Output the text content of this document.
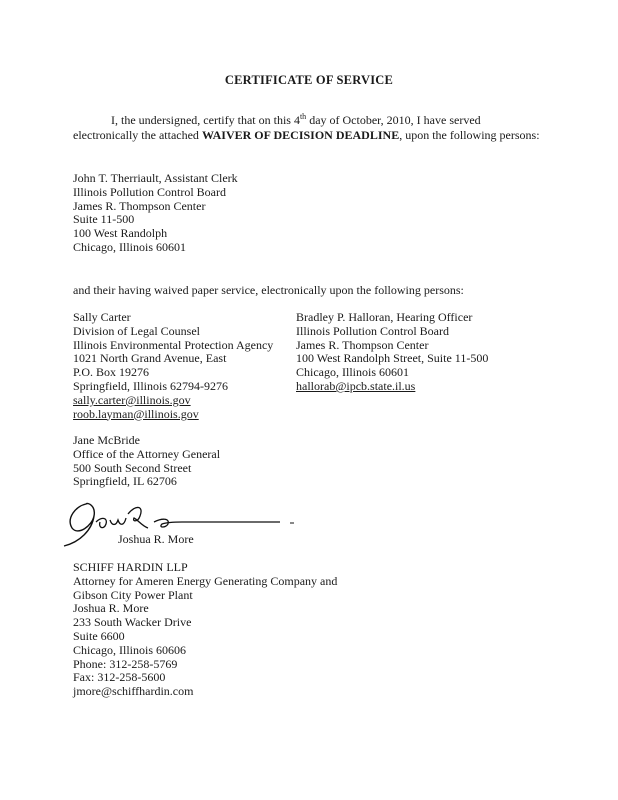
CERTIFICATE OF SERVICE
I, the undersigned, certify that on this 4th day of October, 2010, I have served electronically the attached WAIVER OF DECISION DEADLINE, upon the following persons:
John T. Therriault, Assistant Clerk
Illinois Pollution Control Board
James R. Thompson Center
Suite 11-500
100 West Randolph
Chicago, Illinois 60601
and their having waived paper service, electronically upon the following persons:
Sally Carter
Division of Legal Counsel
Illinois Environmental Protection Agency
1021 North Grand Avenue, East
P.O. Box 19276
Springfield, Illinois 62794-9276
sally.carter@illinois.gov
roob.layman@illinois.gov
Bradley P. Halloran, Hearing Officer
Illinois Pollution Control Board
James R. Thompson Center
100 West Randolph Street, Suite 11-500
Chicago, Illinois 60601
hallorab@ipcb.state.il.us
Jane McBride
Office of the Attorney General
500 South Second Street
Springfield, IL 62706
Joshua R. More
SCHIFF HARDIN LLP
Attorney for Ameren Energy Generating Company and
Gibson City Power Plant
Joshua R. More
233 South Wacker Drive
Suite 6600
Chicago, Illinois 60606
Phone: 312-258-5769
Fax: 312-258-5600
jmore@schiffhardin.com
